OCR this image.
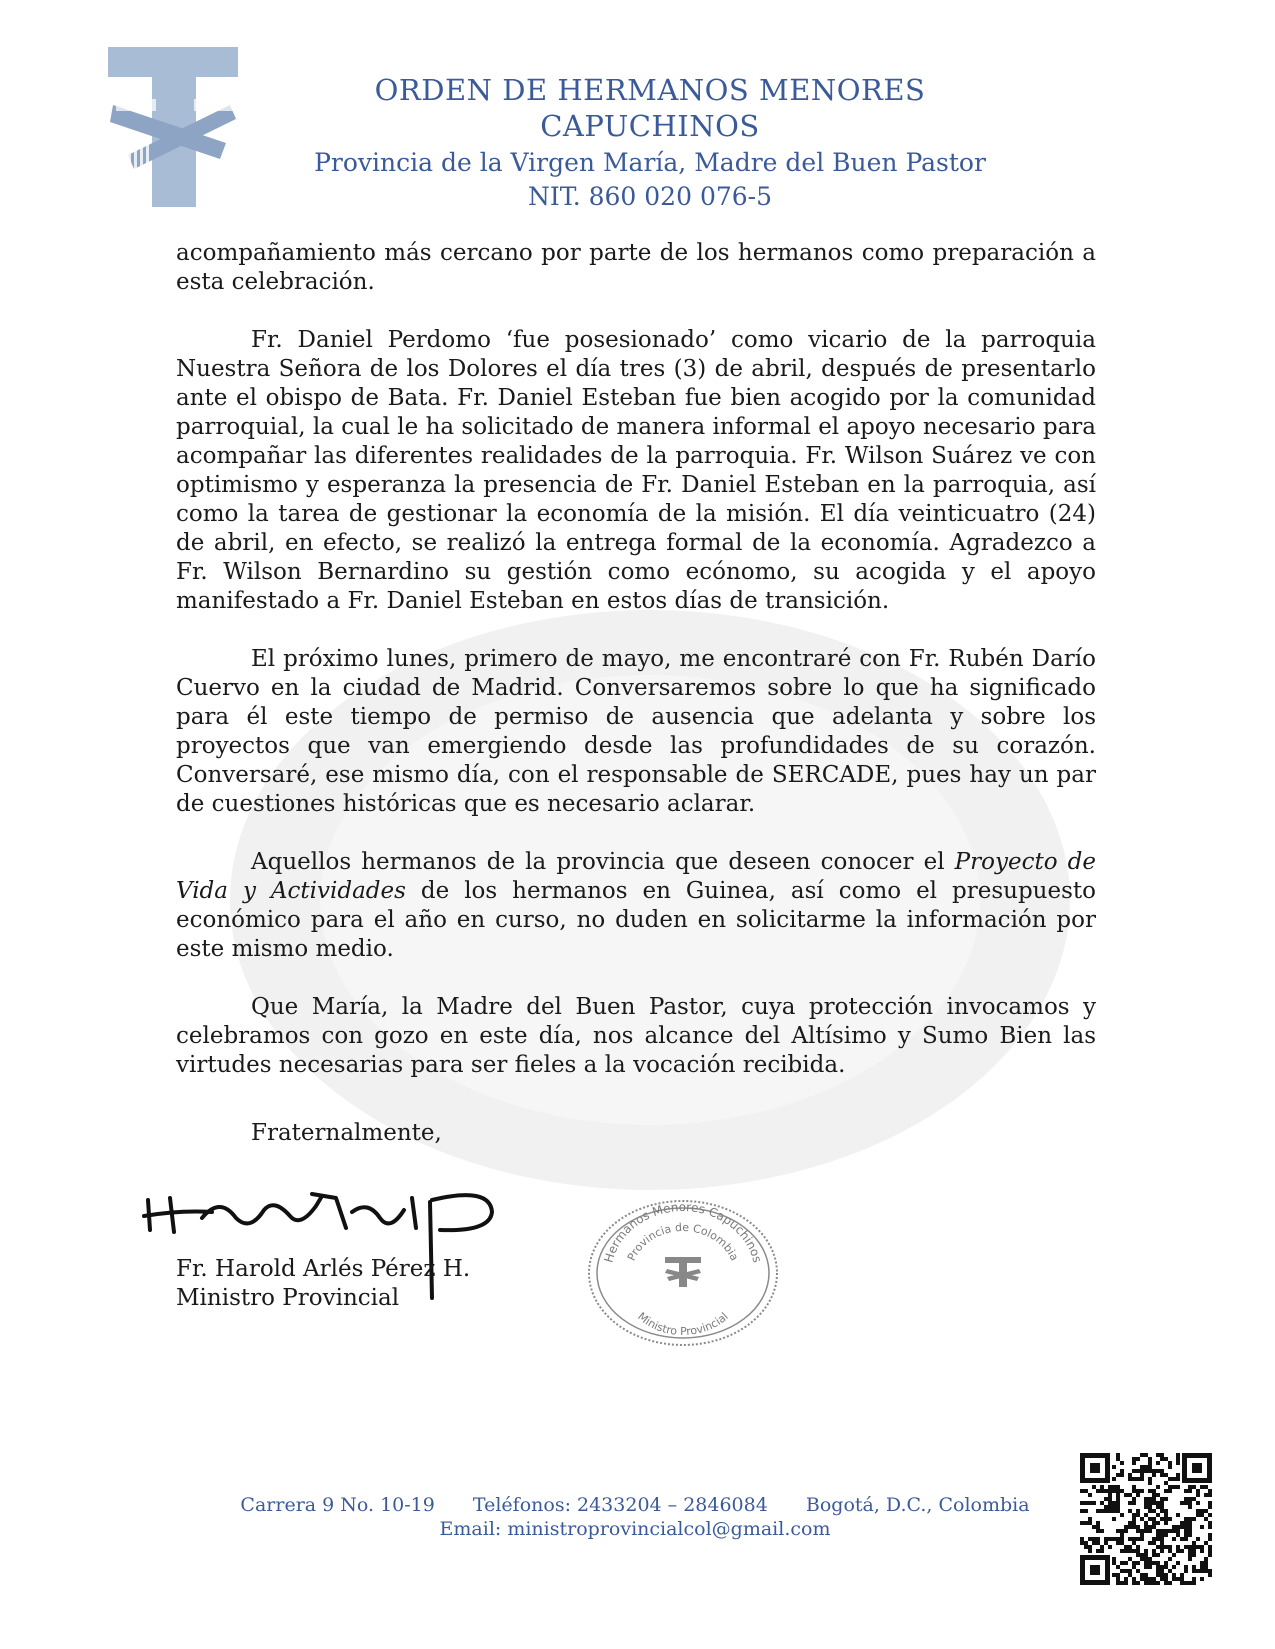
ORDEN DE HERMANOS MENORES CAPUCHINOS
Provincia de la Virgen María, Madre del Buen Pastor
NIT. 860 020 076-5

acompañamiento más cercano por parte de los hermanos como preparación a esta celebración.

Fr. Daniel Perdomo ‘fue posesionado’ como vicario de la parroquia Nuestra Señora de los Dolores el día tres (3) de abril, después de presentarlo ante el obispo de Bata. Fr. Daniel Esteban fue bien acogido por la comunidad parroquial, la cual le ha solicitado de manera informal el apoyo necesario para acompañar las diferentes realidades de la parroquia. Fr. Wilson Suárez ve con optimismo y esperanza la presencia de Fr. Daniel Esteban en la parroquia, así como la tarea de gestionar la economía de la misión. El día veinticuatro (24) de abril, en efecto, se realizó la entrega formal de la economía. Agradezco a Fr. Wilson Bernardino su gestión como ecónomo, su acogida y el apoyo manifestado a Fr. Daniel Esteban en estos días de transición.

El próximo lunes, primero de mayo, me encontraré con Fr. Rubén Darío Cuervo en la ciudad de Madrid. Conversaremos sobre lo que ha significado para él este tiempo de permiso de ausencia que adelanta y sobre los proyectos que van emergiendo desde las profundidades de su corazón. Conversaré, ese mismo día, con el responsable de SERCADE, pues hay un par de cuestiones históricas que es necesario aclarar.

Aquellos hermanos de la provincia que deseen conocer el Proyecto de Vida y Actividades de los hermanos en Guinea, así como el presupuesto económico para el año en curso, no duden en solicitarme la información por este mismo medio.

Que María, la Madre del Buen Pastor, cuya protección invocamos y celebramos con gozo en este día, nos alcance del Altísimo y Sumo Bien las virtudes necesarias para ser fieles a la vocación recibida.

Fraternalmente,
Fr. Harold Arlés Pérez H.
Ministro Provincial
Hermanos Menores Capuchinos
Provincia de Colombia
Ministro Provincial
Carrera 9 No. 10-19 Teléfonos: 2433204 – 2846084 Bogotá, D.C., Colombia
Email: ministroprovincialcol@gmail.com
